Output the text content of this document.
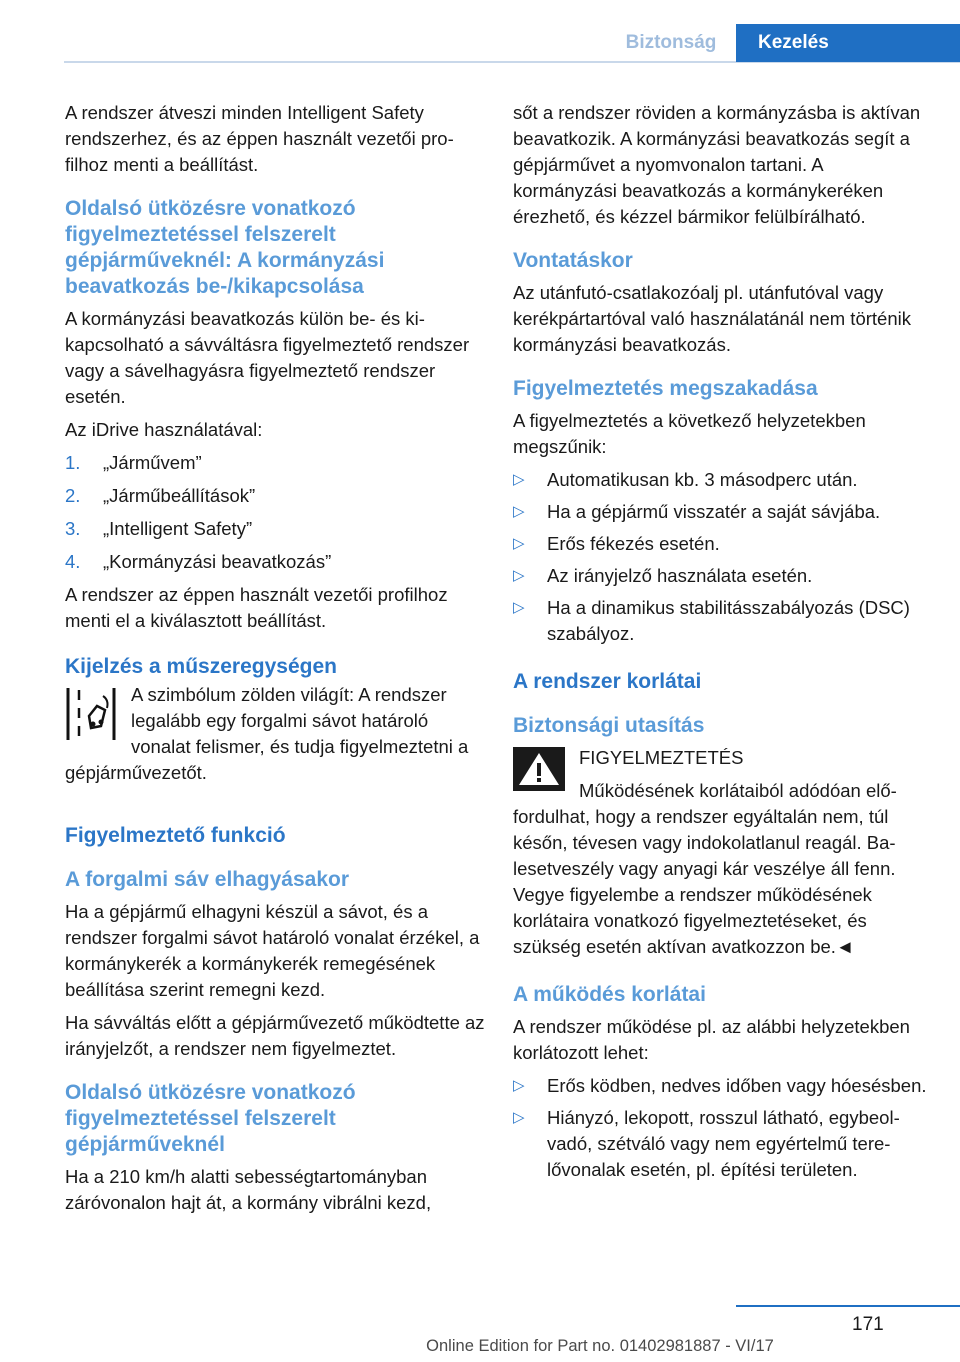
Biztonság	Kezelés

A rendszer átveszi minden Intelligent Safety rendszerhez, és az éppen használt vezetői profilhoz menti a beállítást.

Oldalsó ütközésre vonatkozó figyelmeztetéssel felszerelt gépjárműveknél: A kormányzási beavatkozás be-/kikapcsolása

A kormányzási beavatkozás külön be- és kikapcsolható a sávváltásra figyelmeztető rendszer vagy a sávelhagyásra figyelmeztető rendszer esetén.

Az iDrive használatával:

1. „Járművem”
2. „Járműbeállítások”
3. „Intelligent Safety”
4. „Kormányzási beavatkozás”

A rendszer az éppen használt vezetői profilhoz menti el a kiválasztott beállítást.

Kijelzés a műszeregységen

A szimbólum zölden világít: A rendszer legalább egy forgalmi sávot határoló vonalat felismer, és tudja figyelmeztetni a gépjárművezetőt.

Figyelmeztető funkció
A forgalmi sáv elhagyásakor

Ha a gépjármű elhagyni készül a sávot, és a rendszer forgalmi sávot határoló vonalat érzékel, a kormánykerék a kormánykerék remegésének beállítása szerint remegni kezd.

Ha sávváltás előtt a gépjárművezető működtette az irányjelzőt, a rendszer nem figyelmeztet.

Oldalsó ütközésre vonatkozó figyelmeztetéssel felszerelt gépjárműveknél

Ha a 210 km/h alatti sebességtartományban záróvonalon hajt át, a kormány vibrálni kezd,

sőt a rendszer röviden a kormányzásba is aktívan beavatkozik. A kormányzási beavatkozás segít a gépjárművet a nyomvonalon tartani. A kormányzási beavatkozás a kormánykeréken érezhető, és kézzel bármikor felülbírálható.

Vontatáskor

Az utánfutó-csatlakozóalj pl. utánfutóval vagy kerékpártartóval való használatánál nem történik kormányzási beavatkozás.

Figyelmeztetés megszakadása

A figyelmeztetés a következő helyzetekben megszűnik:

▷ Automatikusan kb. 3 másodperc után.
▷ Ha a gépjármű visszatér a saját sávjába.
▷ Erős fékezés esetén.
▷ Az irányjelző használata esetén.
▷ Ha a dinamikus stabilitásszabályozás (DSC) szabályoz.
A rendszer korlátai
Biztonsági utasítás

FIGYELMEZTETÉS

Működésének korlátaiból adódóan előfordulhat, hogy a rendszer egyáltalán nem, túl későn, tévesen vagy indokolatlanul reagál. Balesetveszély vagy anyagi kár veszélye áll fenn. Vegye figyelembe a rendszer működésének korlátaira vonatkozó figyelmeztetéseket, és szükség esetén aktívan avatkozzon be.◄

A működés korlátai

A rendszer működése pl. az alábbi helyzetekben korlátozott lehet:

▷ Erős ködben, nedves időben vagy hóesésben.
▷ Hiányzó, lekopott, rosszul látható, egybeolvadó, szétváló vagy nem egyértelmű terelővonalak esetén, pl. építési területen.
171
Online Edition for Part no. 01402981887 - VI/17
